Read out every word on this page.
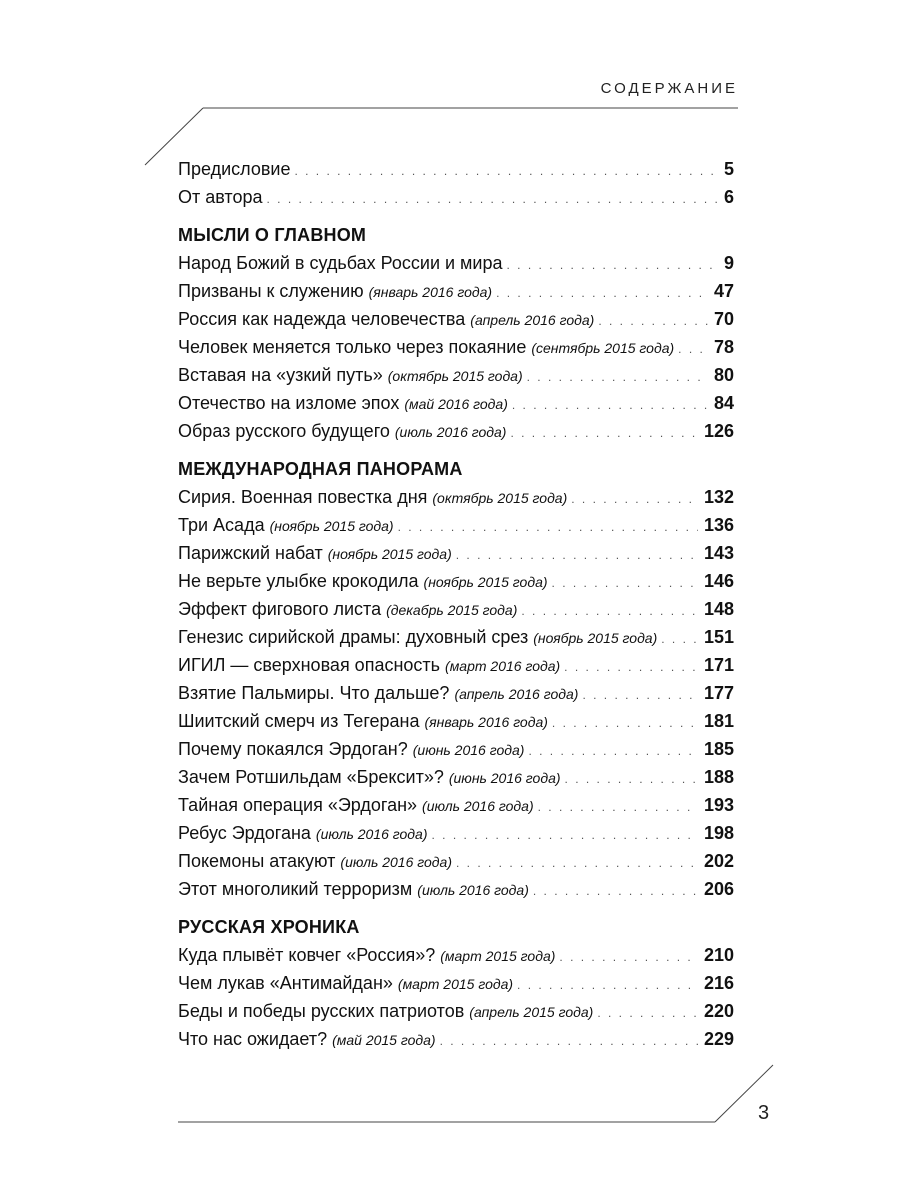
СОДЕРЖАНИЕ
Предисловие . . .	5
От автора . . .	6
МЫСЛИ О ГЛАВНОМ
Народ Божий в судьбах России и мира . . .	9
Призваны к служению (январь 2016 года) . . .	47
Россия как надежда человечества (апрель 2016 года) . . .	70
Человек меняется только через покаяние (сентябрь 2015 года) . . . 78
Вставая на «узкий путь» (октябрь 2015 года) . . .	80
Отечество на изломе эпох (май 2016 года) . . .	84
Образ русского будущего (июль 2016 года) . . .	126
МЕЖДУНАРОДНАЯ ПАНОРАМА
Сирия. Военная повестка дня (октябрь 2015 года) . . .	132
Три Асада (ноябрь 2015 года) . . .	136
Парижский набат (ноябрь 2015 года) . . .	143
Не верьте улыбке крокодила (ноябрь 2015 года) . . .	146
Эффект фигового листа (декабрь 2015 года) . . .	148
Генезис сирийской драмы: духовный срез (ноябрь 2015 года) . . .	151
ИГИЛ — сверхновая опасность (март 2016 года) . . .	171
Взятие Пальмиры. Что дальше? (апрель 2016 года) . . .	177
Шиитский смерч из Тегерана (январь 2016 года) . . .	181
Почему покаялся Эрдоган? (июнь 2016 года) . . .	185
Зачем Ротшильдам «Брексит»? (июнь 2016 года) . . .	188
Тайная операция «Эрдоган» (июль 2016 года) . . .	193
Ребус Эрдогана (июль 2016 года) . . .	198
Покемоны атакуют (июль 2016 года) . . .	202
Этот многоликий терроризм (июль 2016 года) . . .	206
РУССКАЯ ХРОНИКА
Куда плывёт ковчег «Россия»? (март 2015 года) . . .	210
Чем лукав «Антимайдан» (март 2015 года) . . .	216
Беды и победы русских патриотов (апрель 2015 года) . . .	220
Что нас ожидает? (май 2015 года) . . .	229
3
